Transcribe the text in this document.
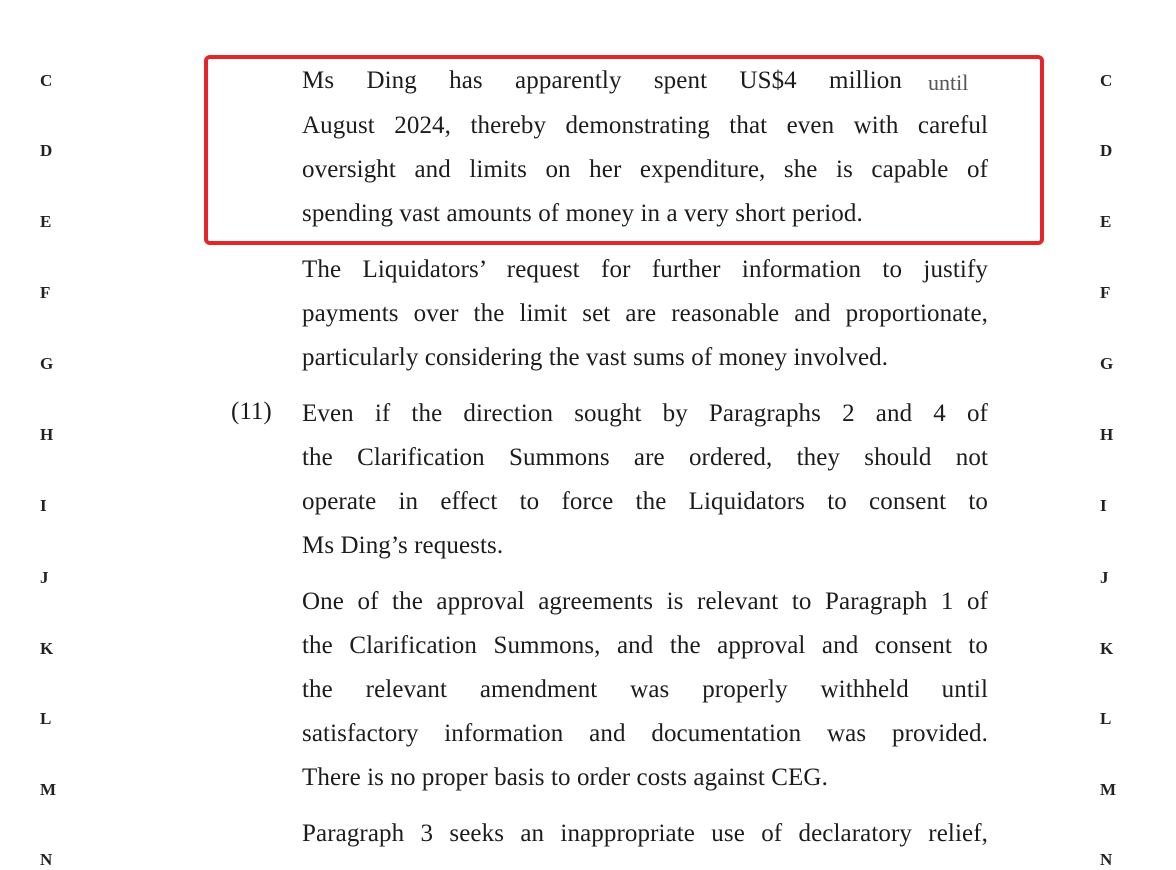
C
D
E
F
G
H
I
J
K
L
M
N
C
D
E
F
G
H
I
J
K
L
M
N
Ms Ding has apparently spent US$4 million until
August 2024, thereby demonstrating that even with careful
oversight and limits on her expenditure, she is capable of
spending vast amounts of money in a very short period.
The Liquidators’ request for further information to justify
payments over the limit set are reasonable and proportionate,
particularly considering the vast sums of money involved.
(11) Even if the direction sought by Paragraphs 2 and 4 of
the Clarification Summons are ordered, they should not
operate in effect to force the Liquidators to consent to
Ms Ding’s requests.
One of the approval agreements is relevant to Paragraph 1 of
the Clarification Summons, and the approval and consent to
the relevant amendment was properly withheld until
satisfactory information and documentation was provided.
There is no proper basis to order costs against CEG.
Paragraph 3 seeks an inappropriate use of declaratory relief,
